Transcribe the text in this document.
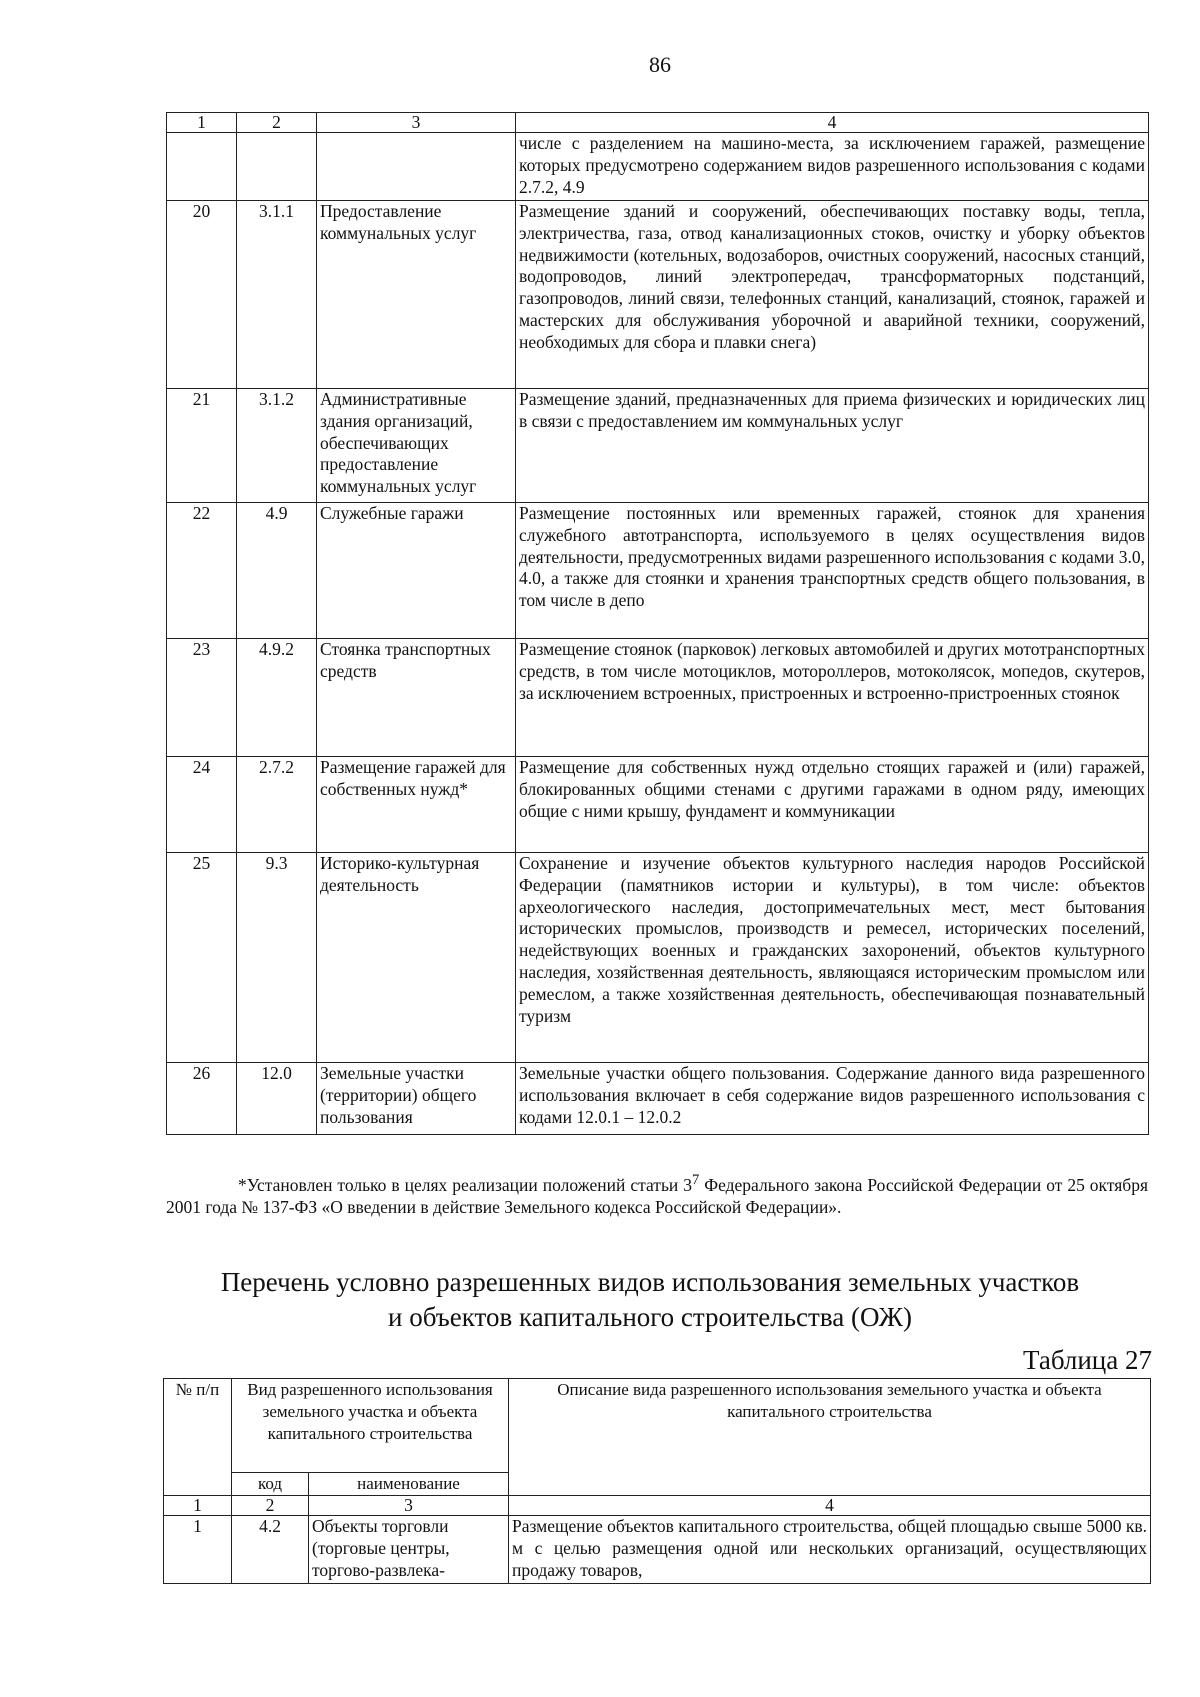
86
1	2	3	4
			числе с разделением на машино-места, за исключением гаражей, размещение которых предусмотрено содержанием видов разрешенного использования с кодами 2.7.2, 4.9
20	3.1.1	Предоставление коммунальных услуг	Размещение зданий и сооружений, обеспечивающих поставку воды, тепла, электричества, газа, отвод канализационных стоков, очистку и уборку объектов недвижимости (котельных, водозаборов, очистных сооружений, насосных станций, водопроводов, линий электропередач, трансформаторных подстанций, газопроводов, линий связи, телефонных станций, канализаций, стоянок, гаражей и мастерских для обслуживания уборочной и аварийной техники, сооружений, необходимых для сбора и плавки снега)
21	3.1.2	Административные здания организаций, обеспечивающих предоставление коммунальных услуг	Размещение зданий, предназначенных для приема физических и юридических лиц в связи с предоставлением им коммунальных услуг
22	4.9	Служебные гаражи	Размещение постоянных или временных гаражей, стоянок для хранения служебного автотранспорта, используемого в целях осуществления видов деятельности, предусмотренных видами разрешенного использования с кодами 3.0, 4.0, а также для стоянки и хранения транспортных средств общего пользования, в том числе в депо
23	4.9.2	Стоянка транспортных средств	Размещение стоянок (парковок) легковых автомобилей и других мототранспортных средств, в том числе мотоциклов, мотороллеров, мотоколясок, мопедов, скутеров, за исключением встроенных, пристроенных и встроенно-пристроенных стоянок
24	2.7.2	Размещение гаражей для собственных нужд*	Размещение для собственных нужд отдельно стоящих гаражей и (или) гаражей, блокированных общими стенами с другими гаражами в одном ряду, имеющих общие с ними крышу, фундамент и коммуникации
25	9.3	Историко-культурная деятельность	Сохранение и изучение объектов культурного наследия народов Российской Федерации (памятников истории и культуры), в том числе: объектов археологического наследия, достопримечательных мест, мест бытования исторических промыслов, производств и ремесел, исторических поселений, недействующих военных и гражданских захоронений, объектов культурного наследия, хозяйственная деятельность, являющаяся историческим промыслом или ремеслом, а также хозяйственная деятельность, обеспечивающая познавательный туризм
26	12.0	Земельные участки (территории) общего пользования	Земельные участки общего пользования. Содержание данного вида разрешенного использования включает в себя содержание видов разрешенного использования с кодами 12.0.1 – 12.0.2
*Установлен только в целях реализации положений статьи $3^7$ Федерального закона Российской Федерации от 25 октября 2001 года № 137-ФЗ «О введении в действие Земельного кодекса Российской Федерации».
Перечень условно разрешенных видов использования земельных участков
и объектов капитального строительства (ОЖ)
Таблица 27
№ п/п	Вид разрешенного использования земельного участка и объекта капитального строительства		Описание вида разрешенного использования земельного участка и объекта капитального строительства
	код	наименование	
1	2	3	4
1	4.2	Объекты торговли (торговые центры, торгово-развлека-	Размещение объектов капитального строительства, общей площадью свыше 5000 кв. м с целью размещения одной или нескольких организаций, осуществляющих продажу товаров,
